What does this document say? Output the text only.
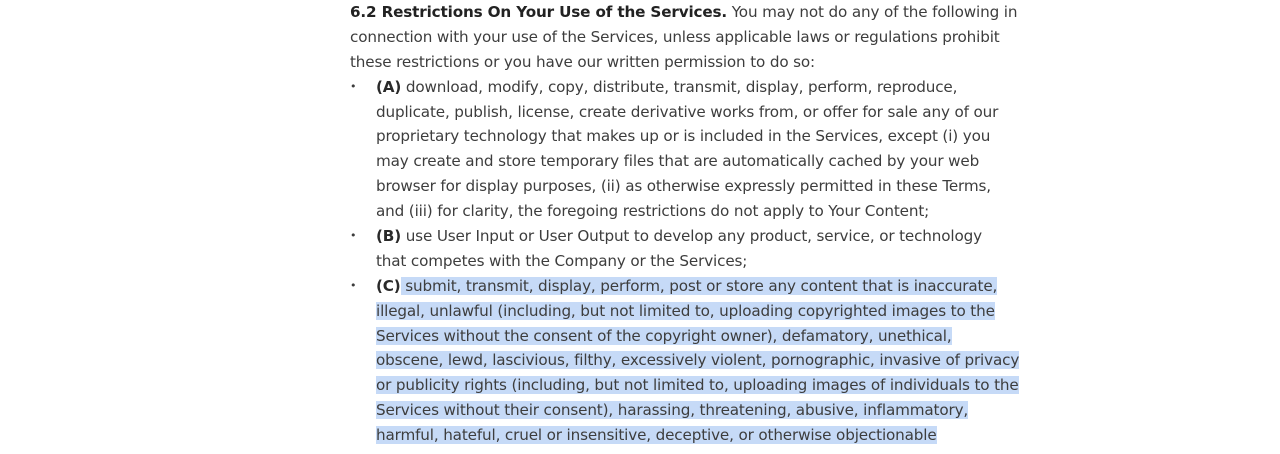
6.2 Restrictions On Your Use of the Services. You may not do any of the following in
connection with your use of the Services, unless applicable laws or regulations prohibit
these restrictions or you have our written permission to do so:
• (A) download, modify, copy, distribute, transmit, display, perform, reproduce,
duplicate, publish, license, create derivative works from, or offer for sale any of our
proprietary technology that makes up or is included in the Services, except (i) you
may create and store temporary files that are automatically cached by your web
browser for display purposes, (ii) as otherwise expressly permitted in these Terms,
and (iii) for clarity, the foregoing restrictions do not apply to Your Content;
• (B) use User Input or User Output to develop any product, service, or technology
that competes with the Company or the Services;
• (C) submit, transmit, display, perform, post or store any content that is inaccurate,
illegal, unlawful (including, but not limited to, uploading copyrighted images to the
Services without the consent of the copyright owner), defamatory, unethical,
obscene, lewd, lascivious, filthy, excessively violent, pornographic, invasive of privacy
or publicity rights (including, but not limited to, uploading images of individuals to the
Services without their consent), harassing, threatening, abusive, inflammatory,
harmful, hateful, cruel or insensitive, deceptive, or otherwise objectionable
